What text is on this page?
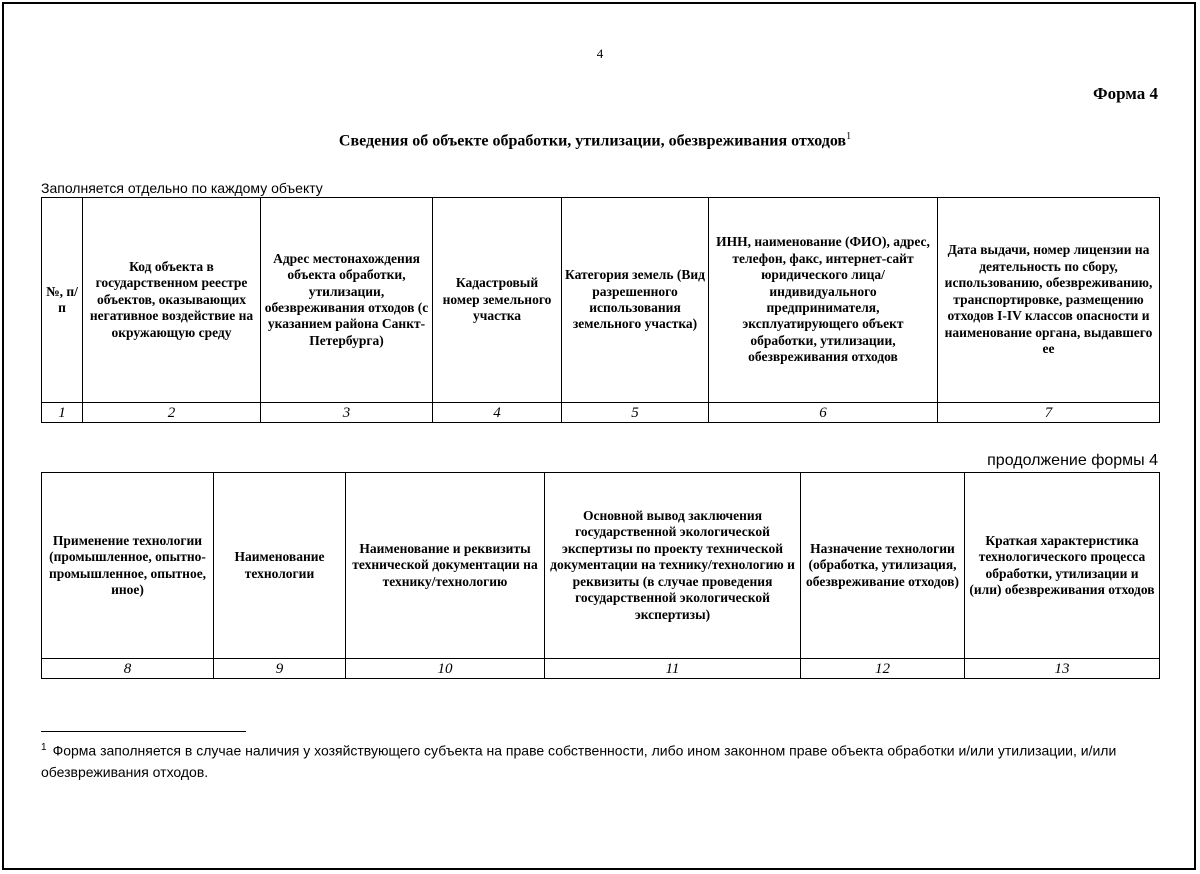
4
Форма 4
Сведения об объекте обработки, утилизации, обезвреживания отходов$^1$
Заполняется отдельно по каждому объекту
№, п/п	Код объекта в государственном реестре объектов, оказывающих негативное воздействие на окружающую среду	Адрес местонахождения объекта обработки, утилизации, обезвреживания отходов (с указанием района Санкт-Петербурга)	Кадастровый номер земельного участка	Категория земель (Вид разрешенного использования земельного участка)	ИНН, наименование (ФИО), адрес, телефон, факс, интернет-сайт юридического лица/ индивидуального предпринимателя, эксплуатирующего объект обработки, утилизации, обезвреживания отходов	Дата выдачи, номер лицензии на деятельность по сбору, использованию, обезвреживанию, транспортировке, размещению отходов I-IV классов опасности и наименование органа, выдавшего ее
1	2	3	4	5	6	7
продолжение формы 4
Применение технологии (промышленное, опытно-промышленное, опытное, иное)	Наименование технологии	Наименование и реквизиты технической документации на технику/технологию	Основной вывод заключения государственной экологической экспертизы по проекту технической документации на технику/технологию и реквизиты (в случае проведения государственной экологической экспертизы)	Назначение технологии (обработка, утилизация, обезвреживание отходов)	Краткая характеристика технологического процесса обработки, утилизации и (или) обезвреживания отходов
8	9	10	11	12	13
$^1$ Форма заполняется в случае наличия у хозяйствующего субъекта на праве собственности, либо ином законном праве объекта обработки и/или утилизации, и/или обезвреживания отходов.
